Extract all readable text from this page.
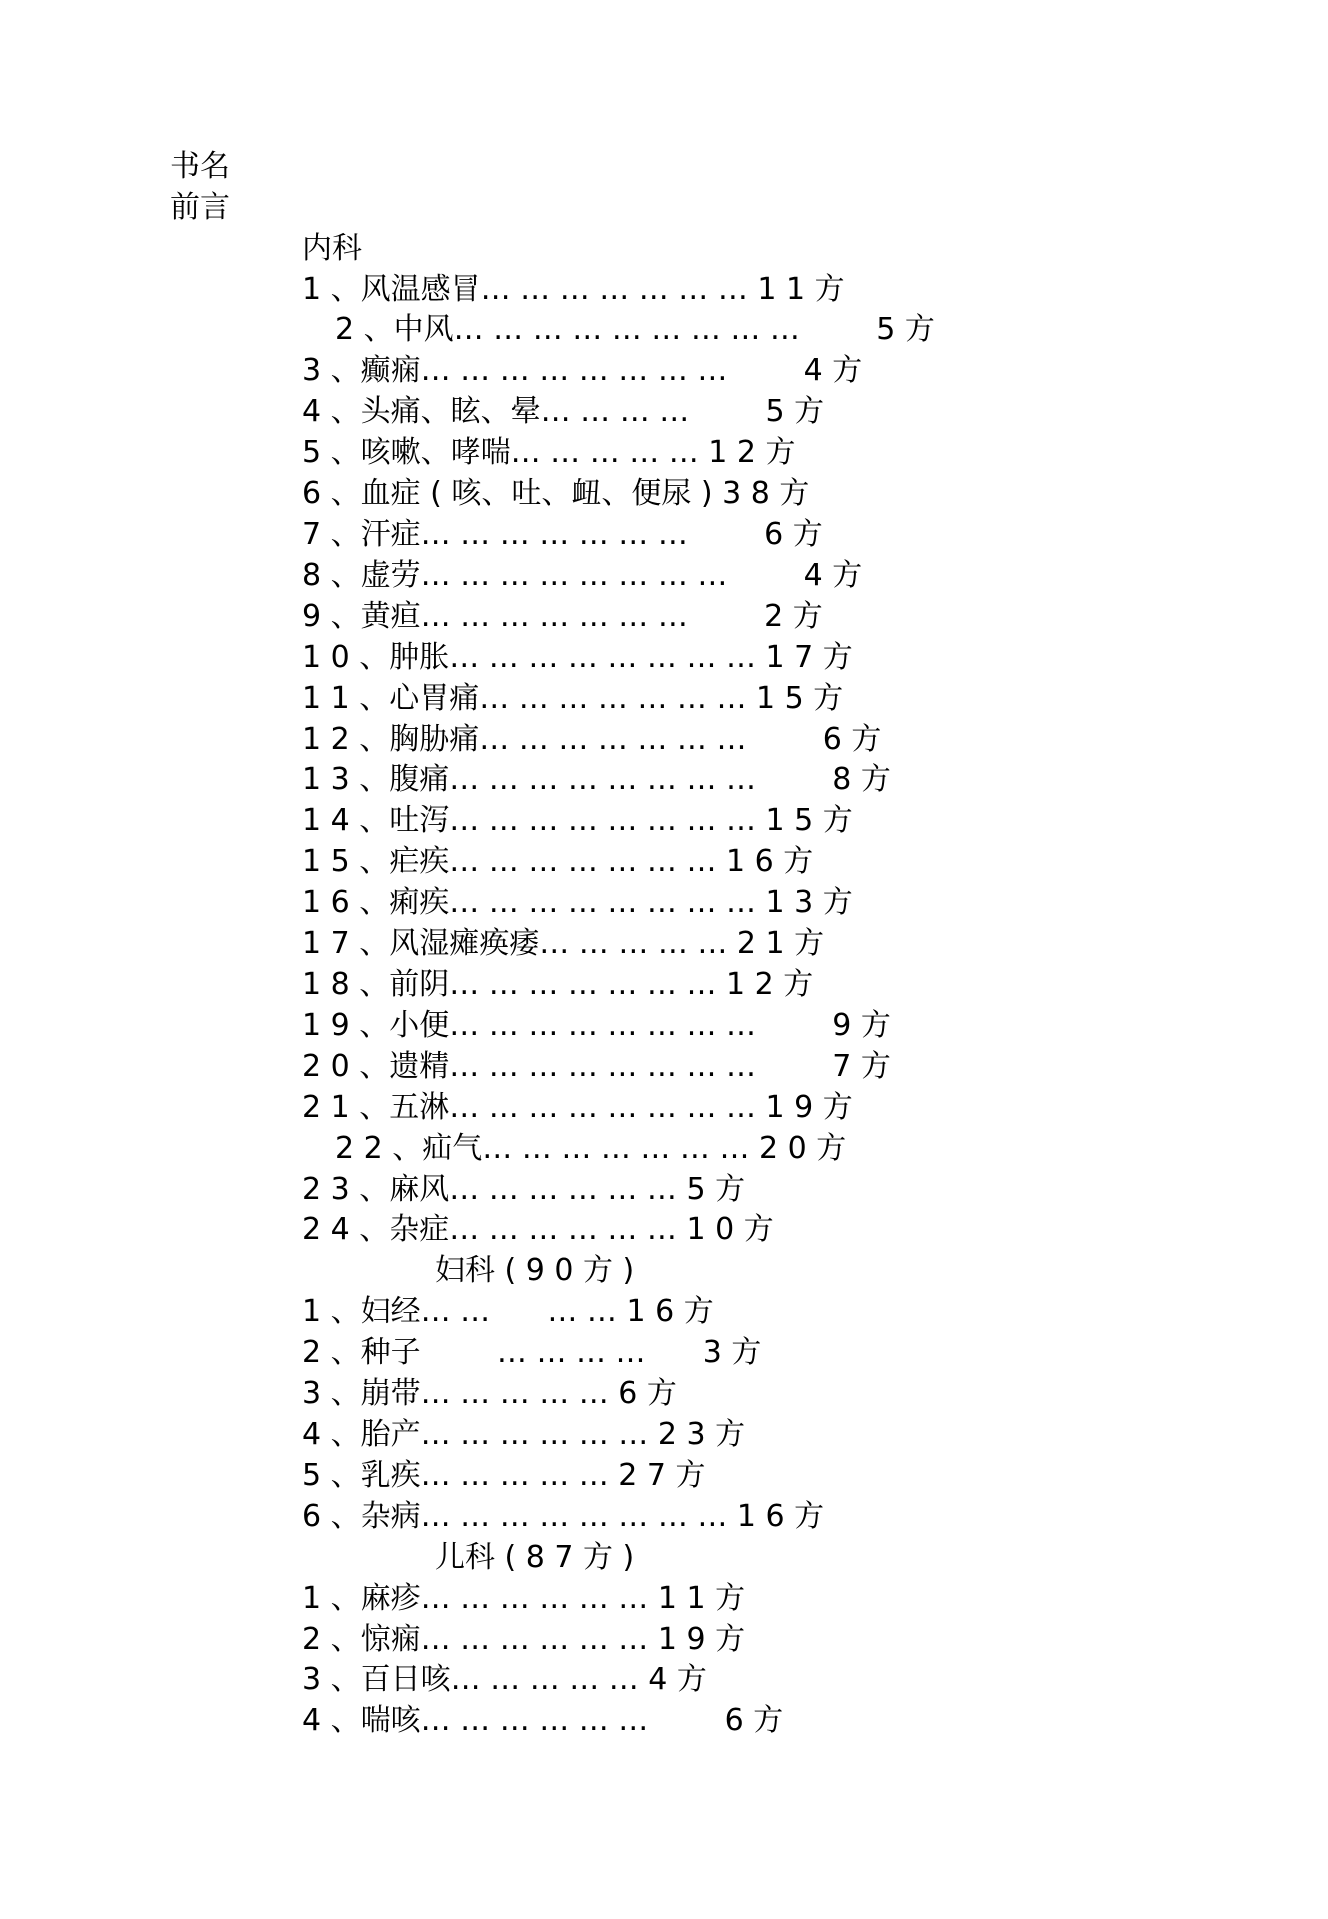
书名
前言
内科
1 、风温感冒… … … … … … … 1 1 方
2 、中风… … … … … … … … …        5 方
3 、癫痫… … … … … … … …        4 方
4 、头痛、眩、晕… … … …        5 方
5 、咳嗽、哮喘… … … … … 1 2 方
6 、血症 ( 咳、吐、衄、便尿 ) 3 8 方
7 、汗症… … … … … … …        6 方
8 、虚劳… … … … … … … …        4 方
9 、黄疸… … … … … … …        2 方
1 0 、肿胀… … … … … … … … 1 7 方
1 1 、心胃痛… … … … … … … 1 5 方
1 2 、胸胁痛… … … … … … …        6 方
1 3 、腹痛… … … … … … … …        8 方
1 4 、吐泻… … … … … … … … 1 5 方
1 5 、疟疾… … … … … … … 1 6 方
1 6 、痢疾… … … … … … … … 1 3 方
1 7 、风湿瘫痪痿… … … … … 2 1 方
1 8 、前阴… … … … … … … 1 2 方
1 9 、小便… … … … … … … …        9 方
2 0 、遗精… … … … … … … …        7 方
2 1 、五淋… … … … … … … … 1 9 方
2 2 、疝气… … … … … … … 2 0 方
2 3 、麻风… … … … … … 5 方
2 4 、杂症… … … … … … 1 0 方
妇科 ( 9 0 方 )
1 、妇经… …      … … 1 6 方
2 、种子        … … … …      3 方
3 、崩带… … … … … 6 方
4 、胎产… … … … … … 2 3 方
5 、乳疾… … … … … 2 7 方
6 、杂病… … … … … … … … 1 6 方
儿科 ( 8 7 方 )
1 、麻疹… … … … … … 1 1 方
2 、惊痫… … … … … … 1 9 方
3 、百日咳… … … … … 4 方
4 、喘咳… … … … … …        6 方
